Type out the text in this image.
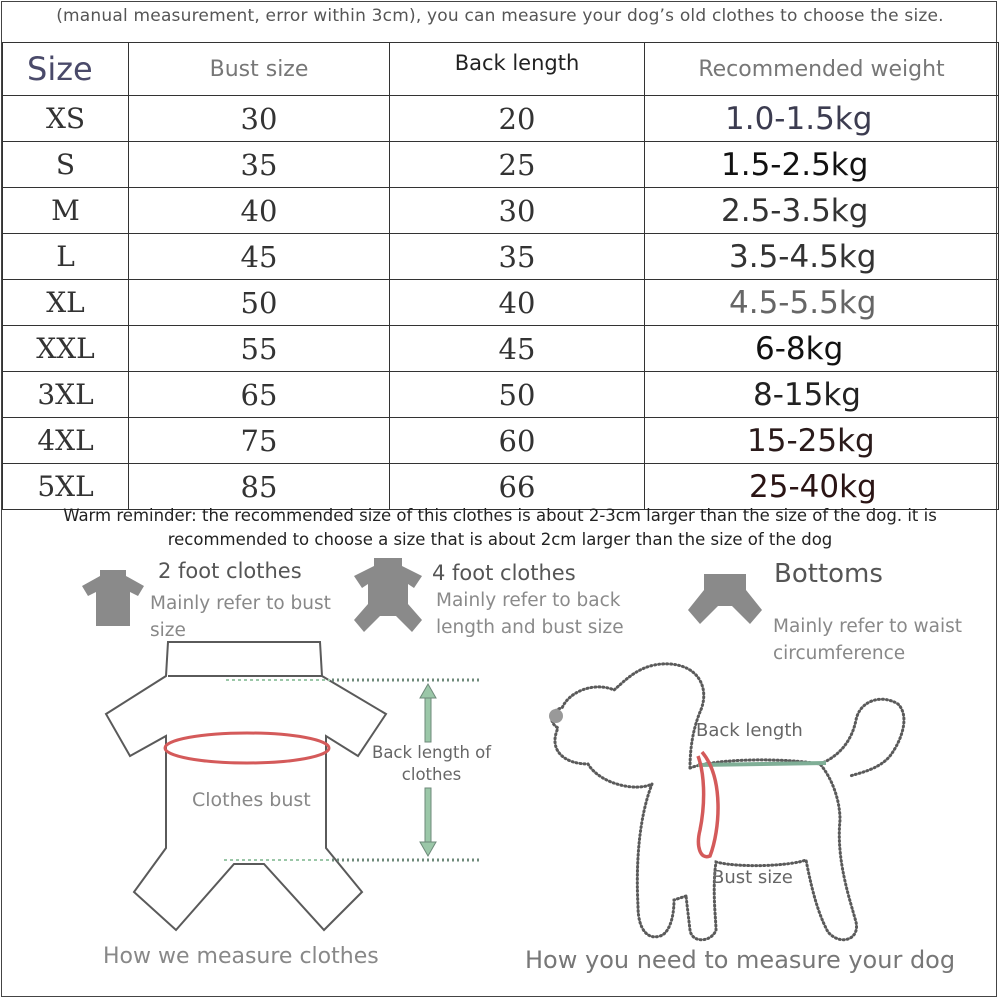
(manual measurement, error within 3cm), you can measure your dog’s old clothes to choose the size.
Size	Bust size	Back length	Recommended weight
XS	30	20	1.0-1.5kg
S	35	25	1.5-2.5kg
M	40	30	2.5-3.5kg
L	45	35	3.5-4.5kg
XL	50	40	4.5-5.5kg
XXL	55	45	6-8kg
3XL	65	50	8-15kg
4XL	75	60	15-25kg
5XL	85	66	25-40kg
Warm reminder: the recommended size of this clothes is about 2-3cm larger than the size of the dog. it is
recommended to choose a size that is about 2cm larger than the size of the dog
2 foot clothes
Mainly refer to bust
size
4 foot clothes
Mainly refer to back
length and bust size
Bottoms
Mainly refer to waist
circumference
Back length of
clothes
Clothes bust
How we measure clothes
Back length
Bust size
How you need to measure your dog
